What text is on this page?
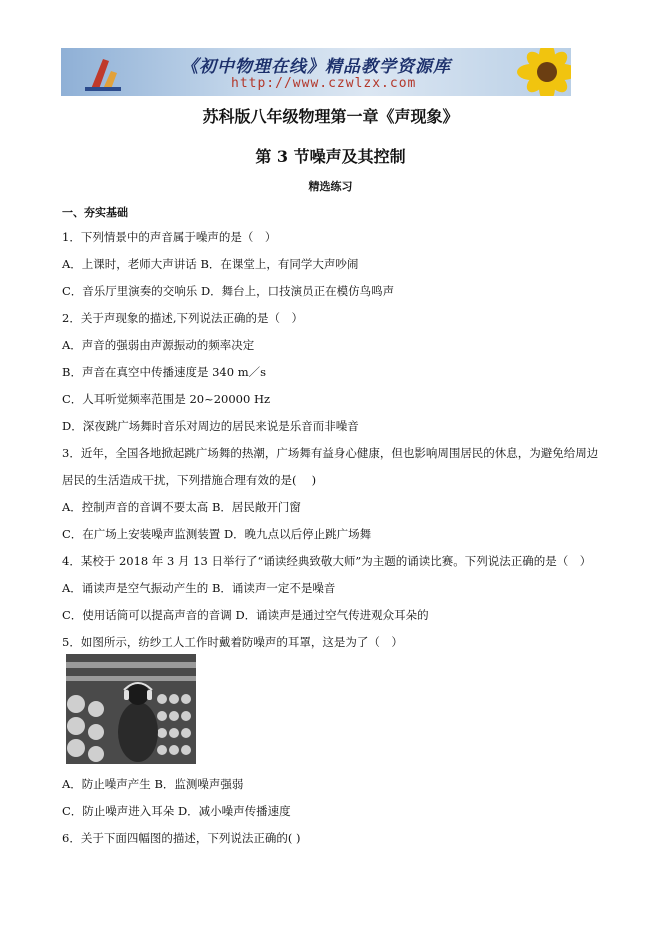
《初中物理在线》精品教学资源库
http://www.czwlzx.com
苏科版八年级物理第一章《声现象》
第 3 节噪声及其控制
精选练习
一、夯实基础
1．下列情景中的声音属于噪声的是（　）
A．上课时，老师大声讲话 B．在课堂上，有同学大声吵闹
C．音乐厅里演奏的交响乐 D．舞台上，口技演员正在模仿鸟鸣声
2．关于声现象的描述,下列说法正确的是（　）
A．声音的强弱由声源振动的频率决定
B．声音在真空中传播速度是 340 m／s
C．人耳听觉频率范围是 20~20000 Hz
D．深夜跳广场舞时音乐对周边的居民来说是乐音而非噪音
3．近年，全国各地掀起跳广场舞的热潮，广场舞有益身心健康，但也影响周围居民的休息，为避免给周边
居民的生活造成干扰，下列措施合理有效的是(　 )
A．控制声音的音调不要太高 B．居民敞开门窗
C．在广场上安装噪声监测装置 D．晚九点以后停止跳广场舞
4．某校于 2018 年 3 月 13 日举行了“诵读经典致敬大师”为主题的诵读比赛。下列说法正确的是（　）
A．诵读声是空气振动产生的 B．诵读声一定不是噪音
C．使用话筒可以提高声音的音调 D．诵读声是通过空气传进观众耳朵的
5．如图所示，纺纱工人工作时戴着防噪声的耳罩，这是为了（　）
A．防止噪声产生 B．监测噪声强弱
C．防止噪声进入耳朵 D．减小噪声传播速度
6．关于下面四幅图的描述，下列说法正确的( )
